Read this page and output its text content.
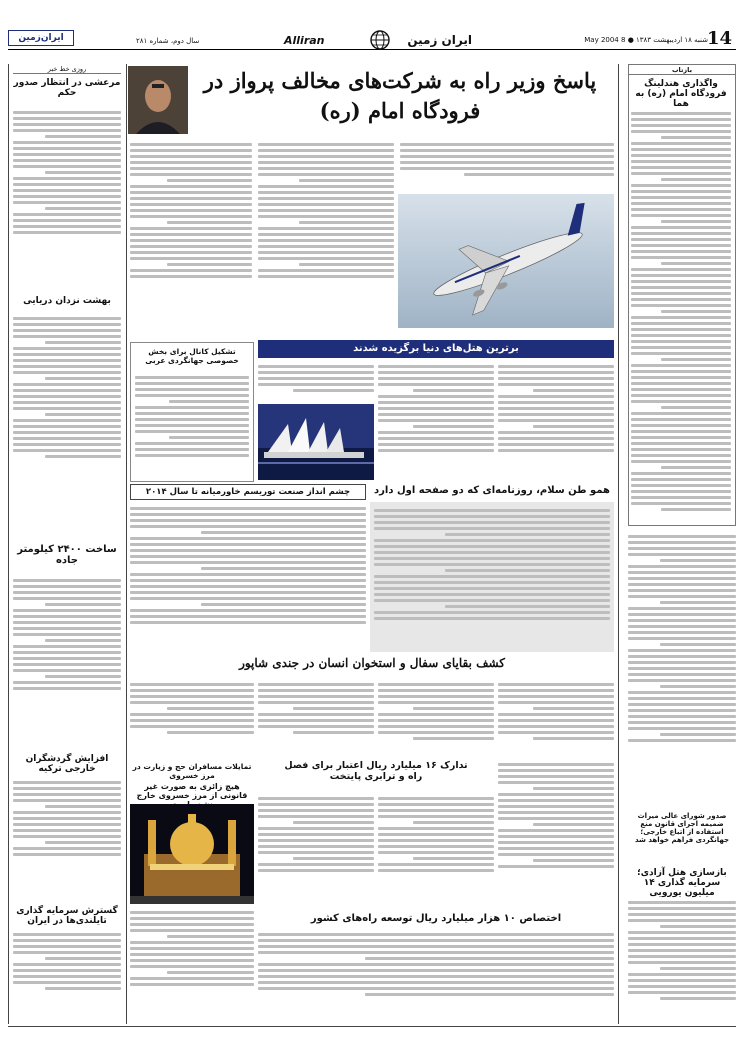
14
شنبه ۱۸ اردیبهشت ۱۳۸۳ ● 8 May 2004
Alliran	ایران زمین
سال دوم، شماره ۲۸۱
ایران‌زمین
بازتاب
واگذاری هندلینگ فرودگاه امام (ره) به هما
بازسازی هتل آزادی؛ سرمایه گذاری ۱۴ میلیون یورویی
پاسخ وزیر راه به شرکت‌های مخالف پرواز در فرودگاه امام (ره)
برترین هتل‌های دنیا برگزیده شدند
تشکیل کانال برای بخش خصوصی جهانگردی عربی
چشم انداز صنعت توریسم خاورمیانه تا سال ۲۰۱۴	همو طن سلام، روزنامه‌ای که دو صفحه اول دارد
کشف بقایای سفال و استخوان انسان در جندی شاپور
تدارک ۱۶ میلیارد ریال اعتبار برای فصل
راه و ترابری پایتخت
اختصاص ۱۰ هزار میلیارد ریال توسعه راه‌های کشور
تمایلات مسافران حج و زیارت در مرز خسروی
هیچ زائری به صورت غیر قانونی از مرز خسروی خارج
صدور شورای عالی میراث ضمیمه اجرای قانون منع استفاده از اتباع خارجی؛ جهانگردی فراهم خواهد شد
روزی خط خبر
مرعشی در انتظار صدور حکم
بهشت نزدان دریایی
ساخت ۲۴۰۰ کیلومتر جاده
افزایش گردشگران خارجی ترکیه
گسترش سرمایه گذاری تایلندی‌ها در ایران
